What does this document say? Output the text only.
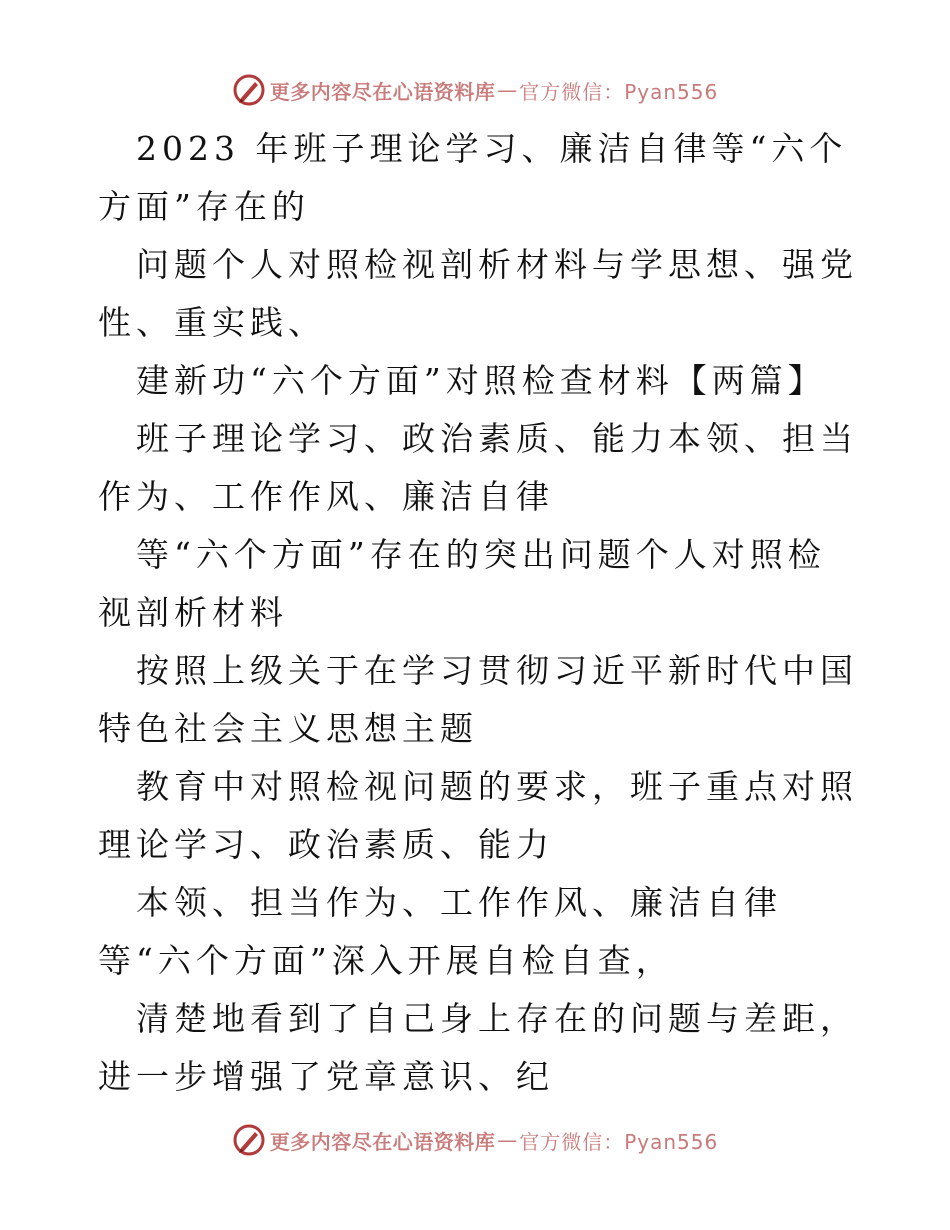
更多内容尽在心语资料库 — 官方微信：Pyan556

2023 年班子理论学习、廉洁自律等“六个方面”存在的

问题个人对照检视剖析材料与学思想、强党性、重实践、

建新功“六个方面”对照检查材料【两篇】

班子理论学习、政治素质、能力本领、担当作为、工作作风、廉洁自律

等“六个方面”存在的突出问题个人对照检视剖析材料

按照上级关于在学习贯彻习近平新时代中国特色社会主义思想主题

教育中对照检视问题的要求，班子重点对照理论学习、政治素质、能力

本领、担当作为、工作作风、廉洁自律等“六个方面”深入开展自检自查，

清楚地看到了自己身上存在的问题与差距，进一步增强了党章意识、纪

更多内容尽在心语资料库 — 官方微信：Pyan556
